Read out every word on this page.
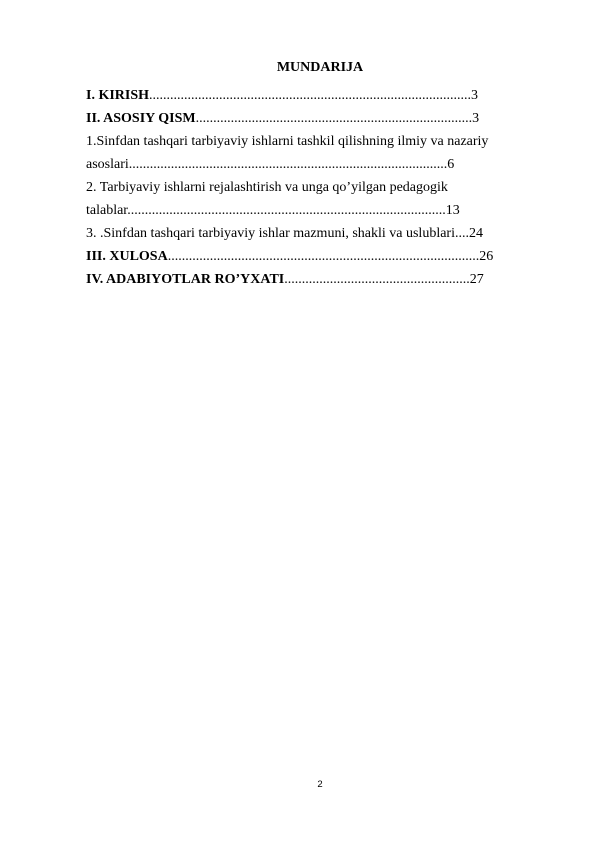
MUNDARIJA
I. KIRISH............................................................................................3
II. ASOSIY QISM...............................................................................3
1.Sinfdan tashqari tarbiyaviy ishlarni tashkil qilishning ilmiy va nazariy
asoslari...........................................................................................6
2. Tarbiyaviy ishlarni rejalashtirish va unga qo’yilgan pedagogik
talablar...........................................................................................13
3. .Sinfdan tashqari tarbiyaviy ishlar mazmuni, shakli va uslublari....24
III. XULOSA.........................................................................................26
IV. ADABIYOTLAR RO’YXATI.....................................................27
2
